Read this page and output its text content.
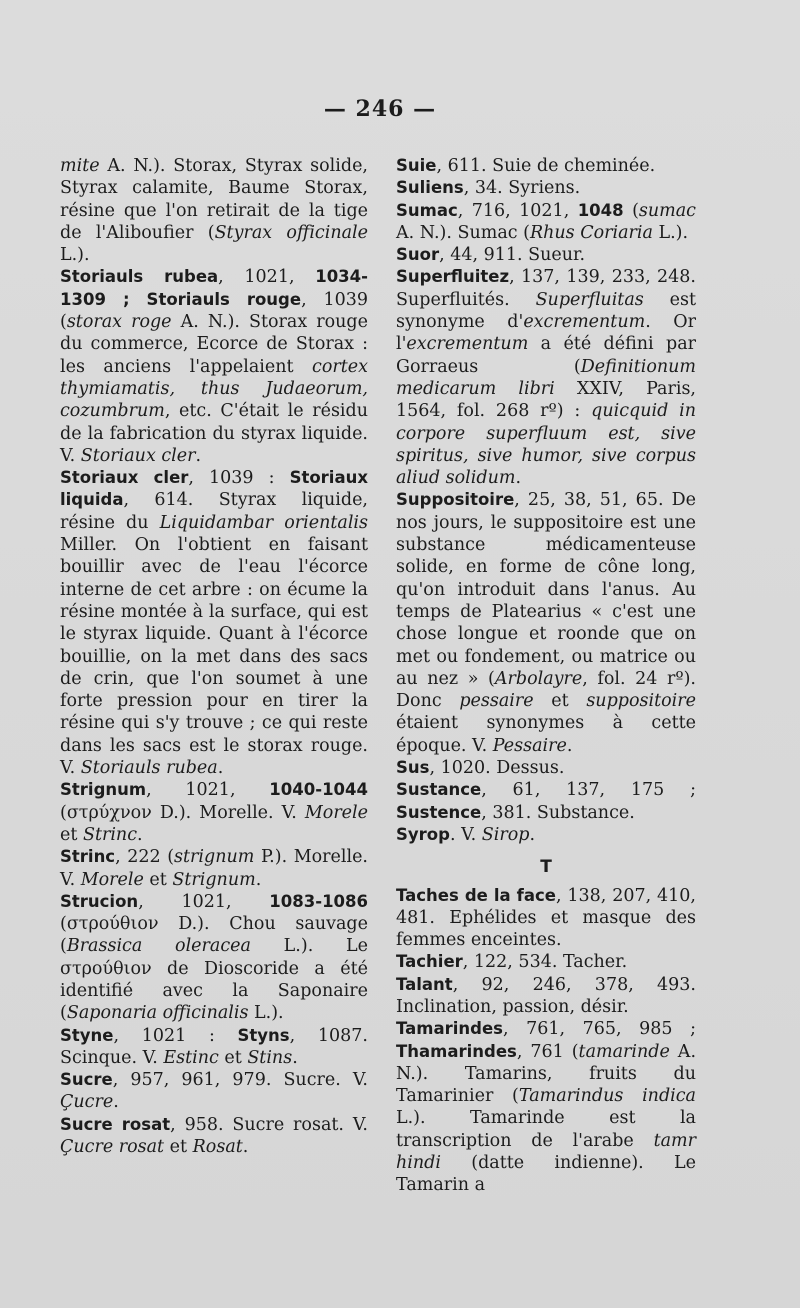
— 246 —

mite A. N.). Storax, Styrax solide, Styrax calamite, Baume Storax, résine que l'on retirait de la tige de l'Aliboufier (Styrax officinale L.).

Storiauls rubea, 1021, 1034-1309 ; Storiauls rouge, 1039 (storax roge A. N.). Storax rouge du commerce, Ecorce de Storax : les anciens l'appelaient cortex thymiamatis, thus Judaeorum, cozumbrum, etc. C'était le résidu de la fabrication du styrax liquide. V. Storiaux cler.

Storiaux cler, 1039 : Storiaux liquida, 614. Styrax liquide, résine du Liquidambar orientalis Miller. On l'obtient en faisant bouillir avec de l'eau l'écorce interne de cet arbre : on écume la résine montée à la surface, qui est le styrax liquide. Quant à l'écorce bouillie, on la met dans des sacs de crin, que l'on soumet à une forte pression pour en tirer la résine qui s'y trouve ; ce qui reste dans les sacs est le storax rouge. V. Storiauls rubea.

Strignum, 1021, 1040-1044 (στρύχνον D.). Morelle. V. Morele et Strinc.

Strinc, 222 (strignum P.). Morelle. V. Morele et Strignum.

Strucion, 1021, 1083-1086 (στρούθιον D.). Chou sauvage (Brassica oleracea L.). Le στρούθιον de Dioscoride a été identifié avec la Saponaire (Saponaria officinalis L.).

Styne, 1021 : Styns, 1087. Scinque. V. Estinc et Stins.

Sucre, 957, 961, 979. Sucre. V. Çucre.

Sucre rosat, 958. Sucre rosat. V. Çucre rosat et Rosat.

Suie, 611. Suie de cheminée.

Suliens, 34. Syriens.

Sumac, 716, 1021, 1048 (sumac A. N.). Sumac (Rhus Coriaria L.).

Suor, 44, 911. Sueur.

Superfluitez, 137, 139, 233, 248. Superfluités. Superfluitas est synonyme d'excrementum. Or l'excrementum a été défini par Gorraeus (Definitionum medicarum libri XXIV, Paris, 1564, fol. 268 rº) : quicquid in corpore superfluum est, sive spiritus, sive humor, sive corpus aliud solidum.

Suppositoire, 25, 38, 51, 65. De nos jours, le suppositoire est une substance médicamenteuse solide, en forme de cône long, qu'on introduit dans l'anus. Au temps de Platearius « c'est une chose longue et roonde que on met ou fondement, ou matrice ou au nez » (Arbolayre, fol. 24 rº). Donc pessaire et suppositoire étaient synonymes à cette époque. V. Pessaire.

Sus, 1020. Dessus.

Sustance, 61, 137, 175 ; Sustence, 381. Substance.

Syrop. V. Sirop.

T

Taches de la face, 138, 207, 410, 481. Ephélides et masque des femmes enceintes.

Tachier, 122, 534. Tacher.

Talant, 92, 246, 378, 493. Inclination, passion, désir.

Tamarindes, 761, 765, 985 ; Thamarindes, 761 (tamarinde A. N.). Tamarins, fruits du Tamarinier (Tamarindus indica L.). Tamarinde est la transcription de l'arabe tamr hindi (datte indienne). Le Tamarin a
